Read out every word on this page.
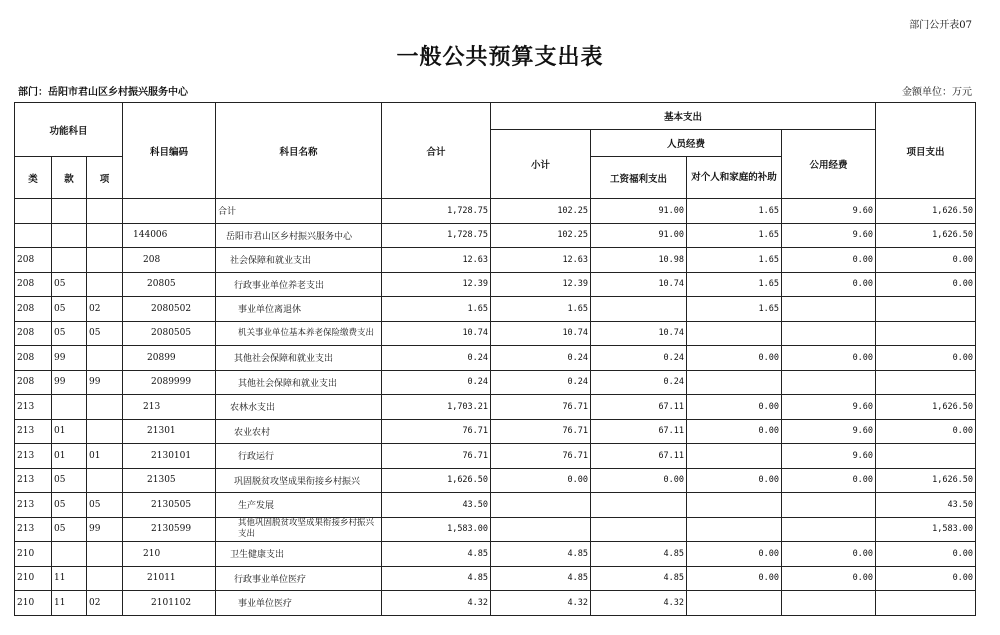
部门公开表07
一般公共预算支出表
部门：岳阳市君山区乡村振兴服务中心	金额单位：万元
功能科目			科目编码	科目名称	合计	基本支出				项目支出
						小计	人员经费		公用经费	
类	款	项					工资福利支出	对个人和家庭的补助		
				合计	1,728.75	102.25	91.00	1.65	9.60	1,626.50
			144006	岳阳市君山区乡村振兴服务中心	1,728.75	102.25	91.00	1.65	9.60	1,626.50
208			208	社会保障和就业支出	12.63	12.63	10.98	1.65	0.00	0.00
208	05		20805	行政事业单位养老支出	12.39	12.39	10.74	1.65	0.00	0.00
208	05	02	2080502	事业单位离退休	1.65	1.65		1.65		
208	05	05	2080505	机关事业单位基本养老保险缴费支出	10.74	10.74	10.74			
208	99		20899	其他社会保障和就业支出	0.24	0.24	0.24	0.00	0.00	0.00
208	99	99	2089999	其他社会保障和就业支出	0.24	0.24	0.24			
213			213	农林水支出	1,703.21	76.71	67.11	0.00	9.60	1,626.50
213	01		21301	农业农村	76.71	76.71	67.11	0.00	9.60	0.00
213	01	01	2130101	行政运行	76.71	76.71	67.11		9.60	
213	05		21305	巩固脱贫攻坚成果衔接乡村振兴	1,626.50	0.00	0.00	0.00	0.00	1,626.50
213	05	05	2130505	生产发展	43.50					43.50
213	05	99	2130599	其他巩固脱贫攻坚成果衔接乡村振兴支出	1,583.00					1,583.00
210			210	卫生健康支出	4.85	4.85	4.85	0.00	0.00	0.00
210	11		21011	行政事业单位医疗	4.85	4.85	4.85	0.00	0.00	0.00
210	11	02	2101102	事业单位医疗	4.32	4.32	4.32			
